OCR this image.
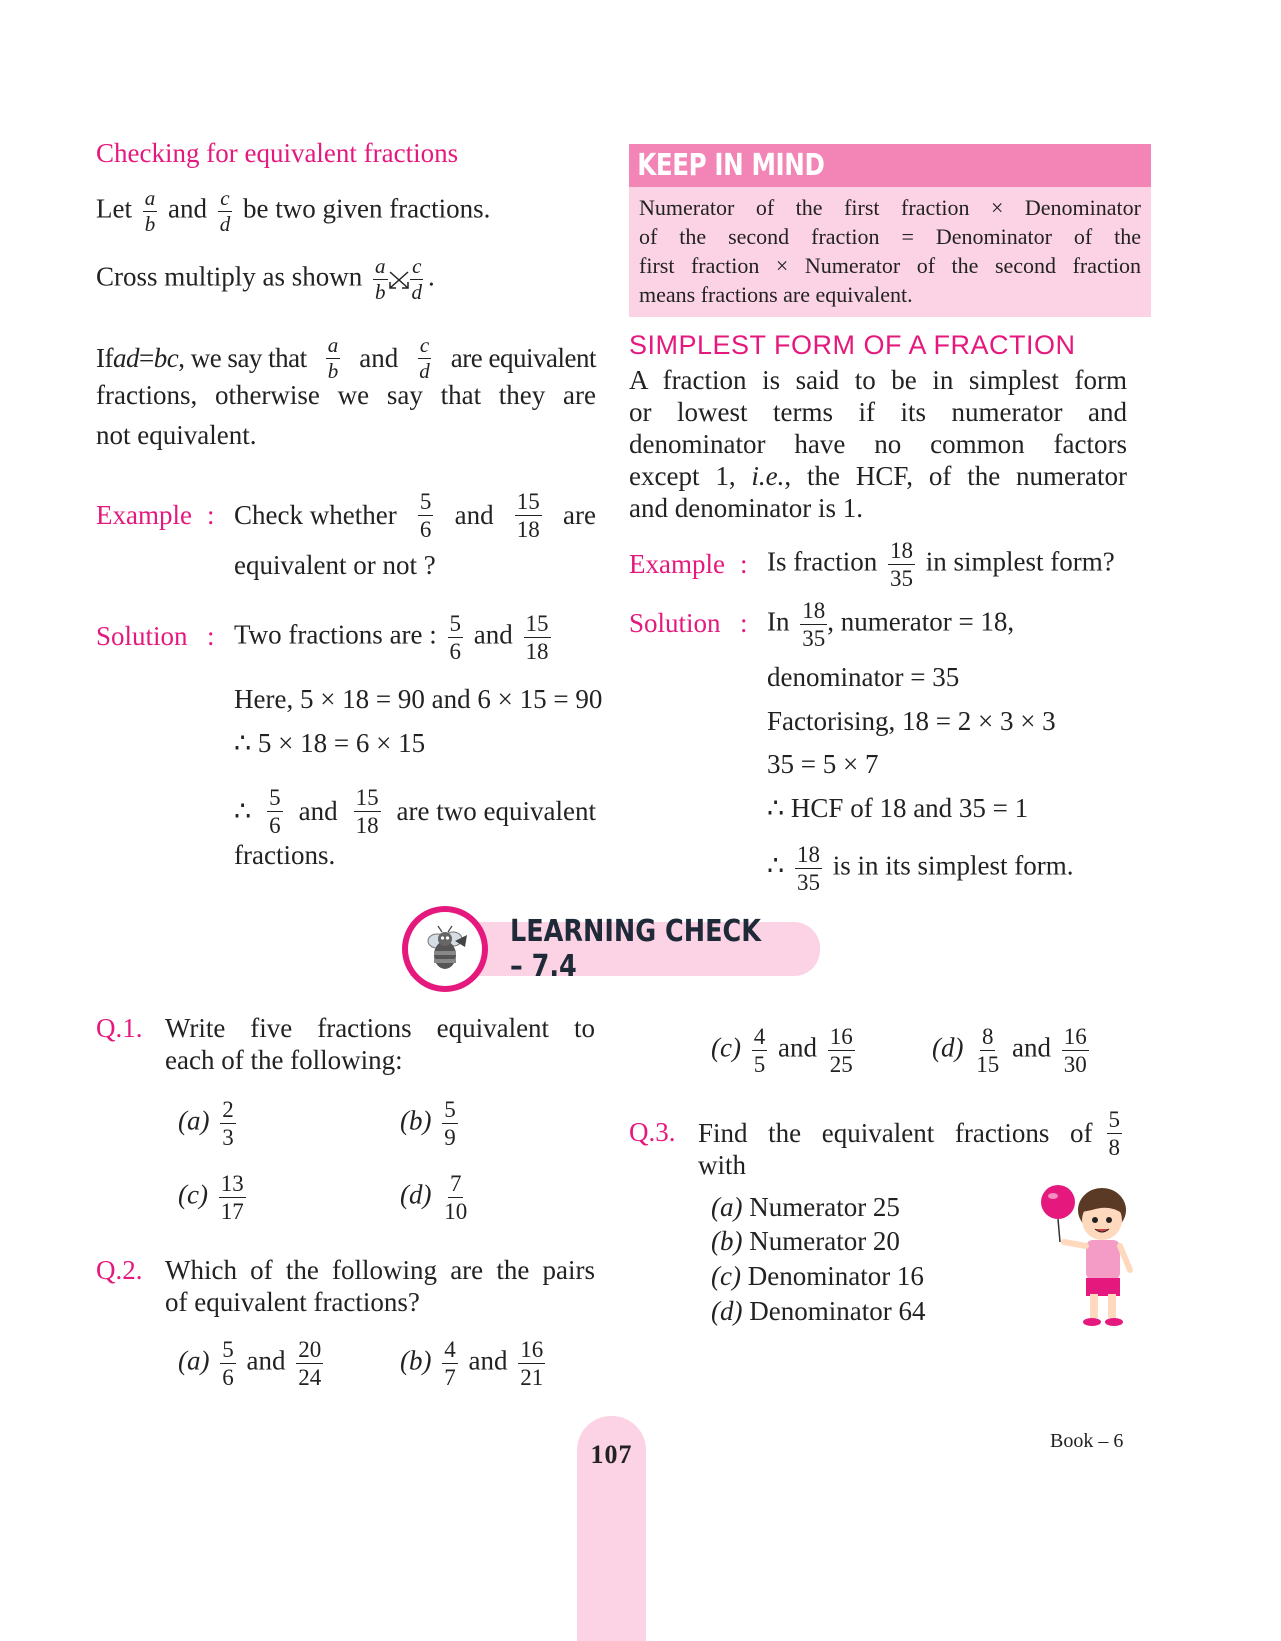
Checking for equivalent fractions
Let $\frac{a}{b}$ and $\frac{c}{d}$ be two given fractions.
Cross multiply as shown $\frac{a}{b} \frac{c}{d}$ .
Ifad=bc, we say that $\frac{a}{b}$ and $\frac{c}{d}$ are equivalent
fractions, otherwise we say that they are
not equivalent.
Example : Check whether $\frac{5}{6}$ and $\frac{15}{18}$ are
equivalent or not ?
Solution : Two fractions are : $\frac{5}{6}$ and $\frac{15}{18}$
Here, 5 × 18 = 90 and 6 × 15 = 90
∴ 5 × 18 = 6 × 15
∴ $\frac{5}{6}$ and $\frac{15}{18}$ are two equivalent
fractions.
KEEP IN MIND

Numerator of the first fraction × Denominator

of the second fraction = Denominator of the

first fraction × Numerator of the second fraction

means fractions are equivalent.

SIMPLEST FORM OF A FRACTION
A fraction is said to be in simplest form
or lowest terms if its numerator and
denominator have no common factors
except 1, i.e., the HCF, of the numerator
and denominator is 1.
Example : Is fraction $\frac{18}{35}$ in simplest form?
Solution : In $\frac{18}{35}$ , numerator = 18,
denominator = 35
Factorising, 18 = 2 × 3 × 3
35 = 5 × 7
∴ HCF of 18 and 35 = 1
∴ $\frac{18}{35}$ is in its simplest form.
LEARNING CHECK – 7.4
Q.1. Write five fractions equivalent to
each of the following:
$(a) \frac{2}{3}$	$(b) \frac{5}{9}$
$(c) \frac{13}{17}$	$(d) \frac{7}{10}$
Q.2. Which of the following are the pairs
of equivalent fractions?
$(a) \frac{5}{6}$ and $\frac{20}{24}$	$(b) \frac{4}{7}$ and $\frac{16}{21}$
$(c) \frac{4}{5}$ and $\frac{16}{25}$	$(d) \frac{8}{15}$ and $\frac{16}{30}$
Q.3. Find the equivalent fractions of $\frac{5}{8}$
with
(a) Numerator 25
(b) Numerator 20
(c) Denominator 16
(d) Denominator 64
107	Book – 6
